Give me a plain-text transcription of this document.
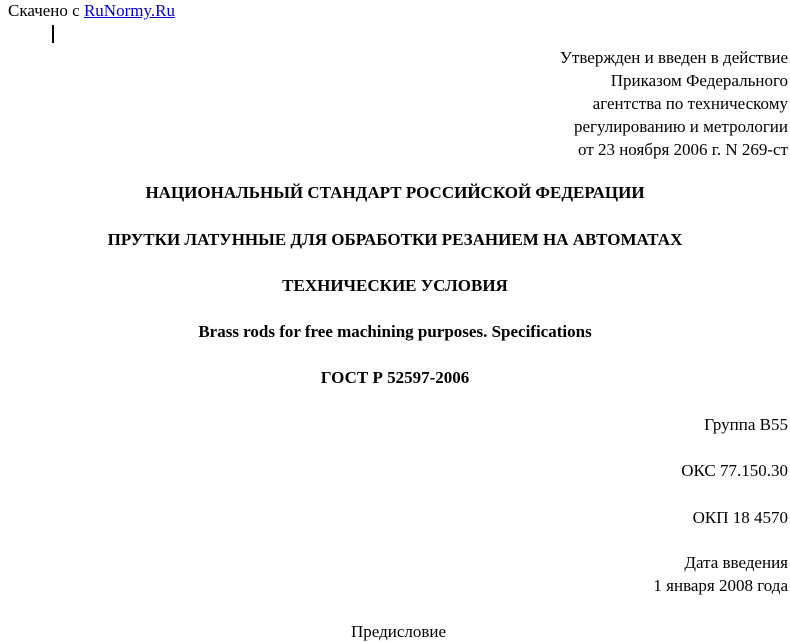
Скачено с RuNormy.Ru
Утвержден и введен в действие
Приказом Федерального
агентства по техническому
регулированию и метрологии
от 23 ноября 2006 г. N 269-ст
НАЦИОНАЛЬНЫЙ СТАНДАРТ РОССИЙСКОЙ ФЕДЕРАЦИИ
ПРУТКИ ЛАТУННЫЕ ДЛЯ ОБРАБОТКИ РЕЗАНИЕМ НА АВТОМАТАХ
ТЕХНИЧЕСКИЕ УСЛОВИЯ
Brass rods for free machining purposes. Specifications
ГОСТ Р 52597-2006
Группа В55
ОКС 77.150.30
ОКП 18 4570
Дата введения
1 января 2008 года
Предисловие
